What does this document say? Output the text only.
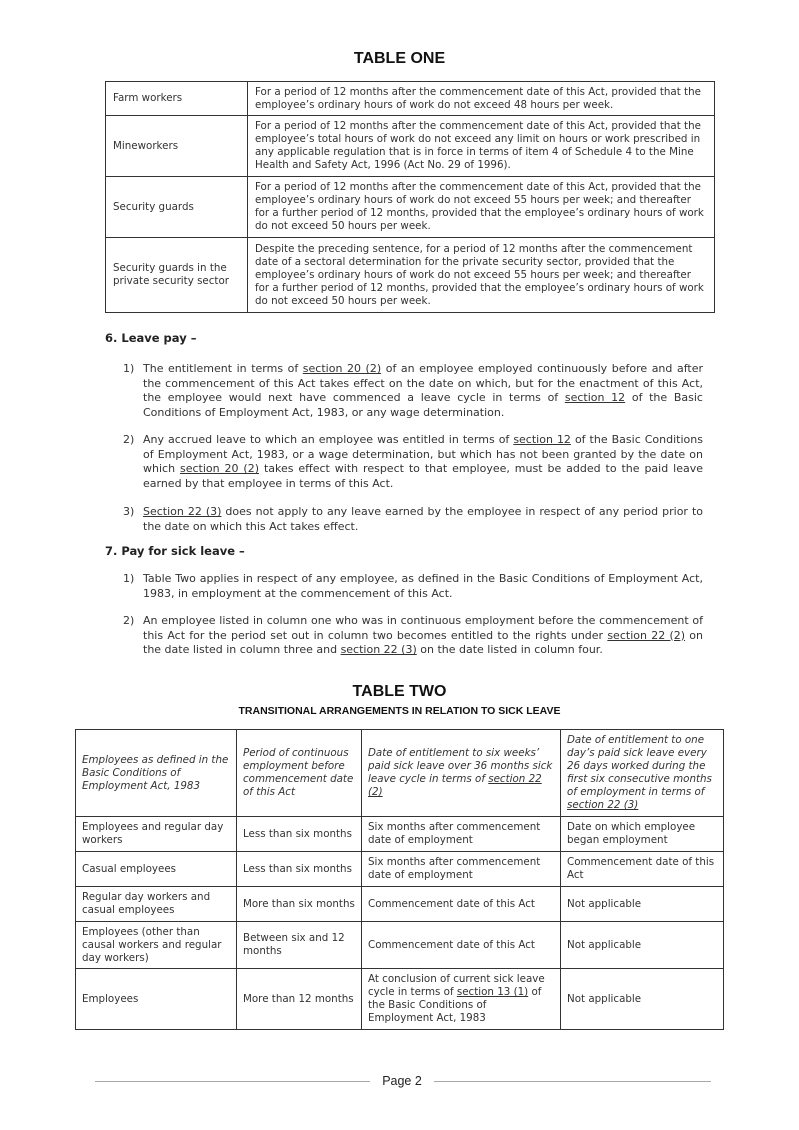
TABLE ONE
Farm workers	For a period of 12 months after the commencement date of this Act, provided that the employee’s ordinary hours of work do not exceed 48 hours per week.
Mineworkers	For a period of 12 months after the commencement date of this Act, provided that the employee’s total hours of work do not exceed any limit on hours or work prescribed in any applicable regulation that is in force in terms of item 4 of Schedule 4 to the Mine Health and Safety Act, 1996 (Act No. 29 of 1996).
Security guards	For a period of 12 months after the commencement date of this Act, provided that the employee’s ordinary hours of work do not exceed 55 hours per week; and thereafter for a further period of 12 months, provided that the employee’s ordinary hours of work do not exceed 50 hours per week.
Security guards in the private security sector	Despite the preceding sentence, for a period of 12 months after the commencement date of a sectoral determination for the private security sector, provided that the employee’s ordinary hours of work do not exceed 55 hours per week; and thereafter for a further period of 12 months, provided that the employee’s ordinary hours of work do not exceed 50 hours per week.
6. Leave pay –
1) The entitlement in terms of section 20 (2) of an employee employed continuously before and after the commencement of this Act takes effect on the date on which, but for the enactment of this Act, the employee would next have commenced a leave cycle in terms of section 12 of the Basic Conditions of Employment Act, 1983, or any wage determination.
2) Any accrued leave to which an employee was entitled in terms of section 12 of the Basic Conditions of Employment Act, 1983, or a wage determination, but which has not been granted by the date on which section 20 (2) takes effect with respect to that employee, must be added to the paid leave earned by that employee in terms of this Act.
3) Section 22 (3) does not apply to any leave earned by the employee in respect of any period prior to the date on which this Act takes effect.
7. Pay for sick leave –
1) Table Two applies in respect of any employee, as defined in the Basic Conditions of Employment Act, 1983, in employment at the commencement of this Act.
2) An employee listed in column one who was in continuous employment before the commencement of this Act for the period set out in column two becomes entitled to the rights under section 22 (2) on the date listed in column three and section 22 (3) on the date listed in column four.
TABLE TWO
TRANSITIONAL ARRANGEMENTS IN RELATION TO SICK LEAVE
Employees as defined in the Basic Conditions of Employment Act, 1983	Period of continuous employment before commencement date of this Act	Date of entitlement to six weeks’ paid sick leave over 36 months sick leave cycle in terms of section 22 (2)	Date of entitlement to one day’s paid sick leave every 26 days worked during the first six consecutive months of employment in terms of section 22 (3)
Employees and regular day workers	Less than six months	Six months after commencement date of employment	Date on which employee began employment
Casual employees	Less than six months	Six months after commencement date of employment	Commencement date of this Act
Regular day workers and casual employees	More than six months	Commencement date of this Act	Not applicable
Employees (other than causal workers and regular day workers)	Between six and 12 months	Commencement date of this Act	Not applicable
Employees	More than 12 months	At conclusion of current sick leave cycle in terms of section 13 (1) of the Basic Conditions of Employment Act, 1983	Not applicable
Page 2
